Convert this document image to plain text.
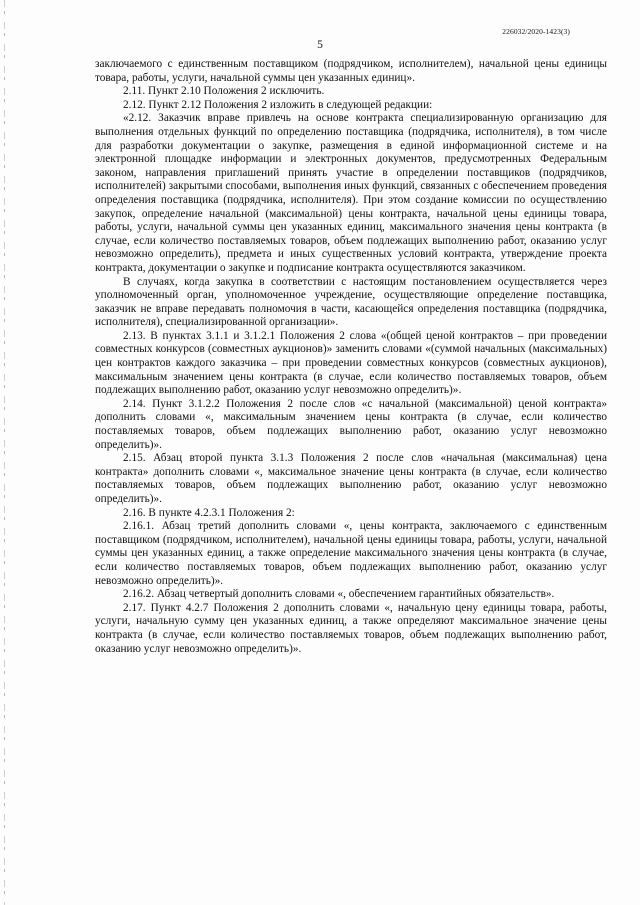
226032/2020-1423(3)
5

заключаемого с единственным поставщиком (подрядчиком, исполнителем), начальной цены единицы товара, работы, услуги, начальной суммы цен указанных единиц».

2.11. Пункт 2.10 Положения 2 исключить.

2.12. Пункт 2.12 Положения 2 изложить в следующей редакции:

«2.12. Заказчик вправе привлечь на основе контракта специализированную организацию для выполнения отдельных функций по определению поставщика (подрядчика, исполнителя), в том числе для разработки документации о закупке, размещения в единой информационной системе и на электронной площадке информации и электронных документов, предусмотренных Федеральным законом, направления приглашений принять участие в определении поставщиков (подрядчиков, исполнителей) закрытыми способами, выполнения иных функций, связанных с обеспечением проведения определения поставщика (подрядчика, исполнителя). При этом создание комиссии по осуществлению закупок, определение начальной (максимальной) цены контракта, начальной цены единицы товара, работы, услуги, начальной суммы цен указанных единиц, максимального значения цены контракта (в случае, если количество поставляемых товаров, объем подлежащих выполнению работ, оказанию услуг невозможно определить), предмета и иных существенных условий контракта, утверждение проекта контракта, документации о закупке и подписание контракта осуществляются заказчиком.

В случаях, когда закупка в соответствии с настоящим постановлением осуществляется через уполномоченный орган, уполномоченное учреждение, осуществляющие определение поставщика, заказчик не вправе передавать полномочия в части, касающейся определения поставщика (подрядчика, исполнителя), специализированной организации».

2.13. В пунктах 3.1.1 и 3.1.2.1 Положения 2 слова «(общей ценой контрактов – при проведении совместных конкурсов (совместных аукционов)» заменить словами «(суммой начальных (максимальных) цен контрактов каждого заказчика – при проведении совместных конкурсов (совместных аукционов), максимальным значением цены контракта (в случае, если количество поставляемых товаров, объем подлежащих выполнению работ, оказанию услуг невозможно определить)».

2.14. Пункт 3.1.2.2 Положения 2 после слов «с начальной (максимальной) ценой контракта» дополнить словами «, максимальным значением цены контракта (в случае, если количество поставляемых товаров, объем подлежащих выполнению работ, оказанию услуг невозможно определить)».

2.15. Абзац второй пункта 3.1.3 Положения 2 после слов «начальная (максимальная) цена контракта» дополнить словами «, максимальное значение цены контракта (в случае, если количество поставляемых товаров, объем подлежащих выполнению работ, оказанию услуг невозможно определить)».

2.16. В пункте 4.2.3.1 Положения 2:

2.16.1. Абзац третий дополнить словами «, цены контракта, заключаемого с единственным поставщиком (подрядчиком, исполнителем), начальной цены единицы товара, работы, услуги, начальной суммы цен указанных единиц, а также определение максимального значения цены контракта (в случае, если количество поставляемых товаров, объем подлежащих выполнению работ, оказанию услуг невозможно определить)».

2.16.2. Абзац четвертый дополнить словами «, обеспечением гарантийных обязательств».

2.17. Пункт 4.2.7 Положения 2 дополнить словами «, начальную цену единицы товара, работы, услуги, начальную сумму цен указанных единиц, а также определяют максимальное значение цены контракта (в случае, если количество поставляемых товаров, объем подлежащих выполнению работ, оказанию услуг невозможно определить)».
